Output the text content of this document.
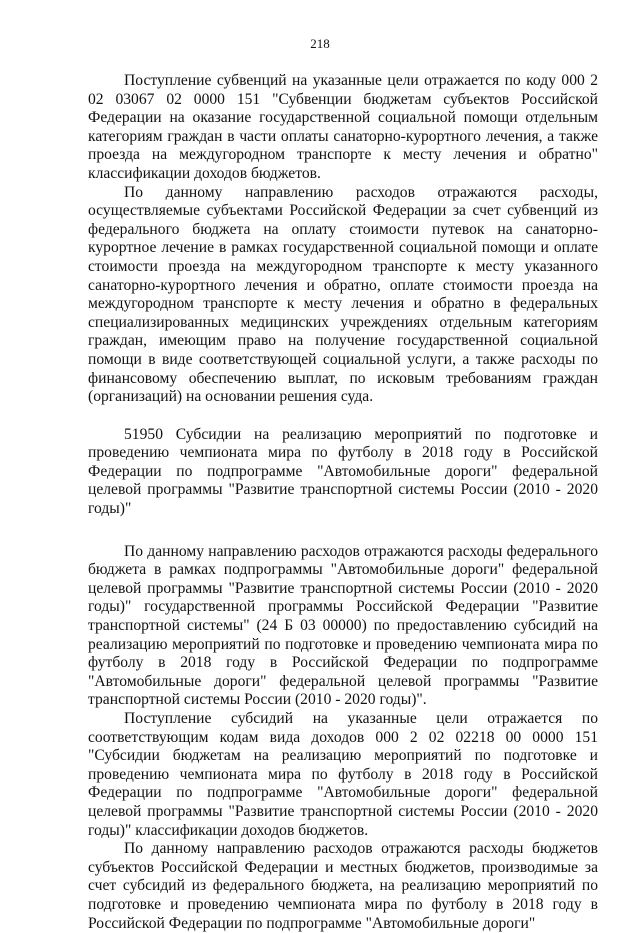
218

Поступление субвенций на указанные цели отражается по коду 000 2 02 03067 02 0000 151 "Субвенции бюджетам субъектов Российской Федерации на оказание государственной социальной помощи отдельным категориям граждан в части оплаты санаторно-курортного лечения, а также проезда на междугородном транспорте к месту лечения и обратно" классификации доходов бюджетов.

По данному направлению расходов отражаются расходы, осуществляемые субъектами Российской Федерации за счет субвенций из федерального бюджета на оплату стоимости путевок на санаторно-курортное лечение в рамках государственной социальной помощи и оплате стоимости проезда на междугородном транспорте к месту указанного санаторно-курортного лечения и обратно, оплате стоимости проезда на междугородном транспорте к месту лечения и обратно в федеральных специализированных медицинских учреждениях отдельным категориям граждан, имеющим право на получение государственной социальной помощи в виде соответствующей социальной услуги, а также расходы по финансовому обеспечению выплат, по исковым требованиям граждан (организаций) на основании решения суда.

51950 Субсидии на реализацию мероприятий по подготовке и проведению чемпионата мира по футболу в 2018 году в Российской Федерации по подпрограмме "Автомобильные дороги" федеральной целевой программы "Развитие транспортной системы России (2010 - 2020 годы)"

По данному направлению расходов отражаются расходы федерального бюджета в рамках подпрограммы "Автомобильные дороги" федеральной целевой программы "Развитие транспортной системы России (2010 - 2020 годы)" государственной программы Российской Федерации "Развитие транспортной системы" (24 Б 03 00000) по предоставлению субсидий на реализацию мероприятий по подготовке и проведению чемпионата мира по футболу в 2018 году в Российской Федерации по подпрограмме "Автомобильные дороги" федеральной целевой программы "Развитие транспортной системы России (2010 - 2020 годы)".

Поступление субсидий на указанные цели отражается по соответствующим кодам вида доходов 000 2 02 02218 00 0000 151 "Субсидии бюджетам на реализацию мероприятий по подготовке и проведению чемпионата мира по футболу в 2018 году в Российской Федерации по подпрограмме "Автомобильные дороги" федеральной целевой программы "Развитие транспортной системы России (2010 - 2020 годы)" классификации доходов бюджетов.

По данному направлению расходов отражаются расходы бюджетов субъектов Российской Федерации и местных бюджетов, производимые за счет субсидий из федерального бюджета, на реализацию мероприятий по подготовке и проведению чемпионата мира по футболу в 2018 году в Российской Федерации по подпрограмме "Автомобильные дороги"
